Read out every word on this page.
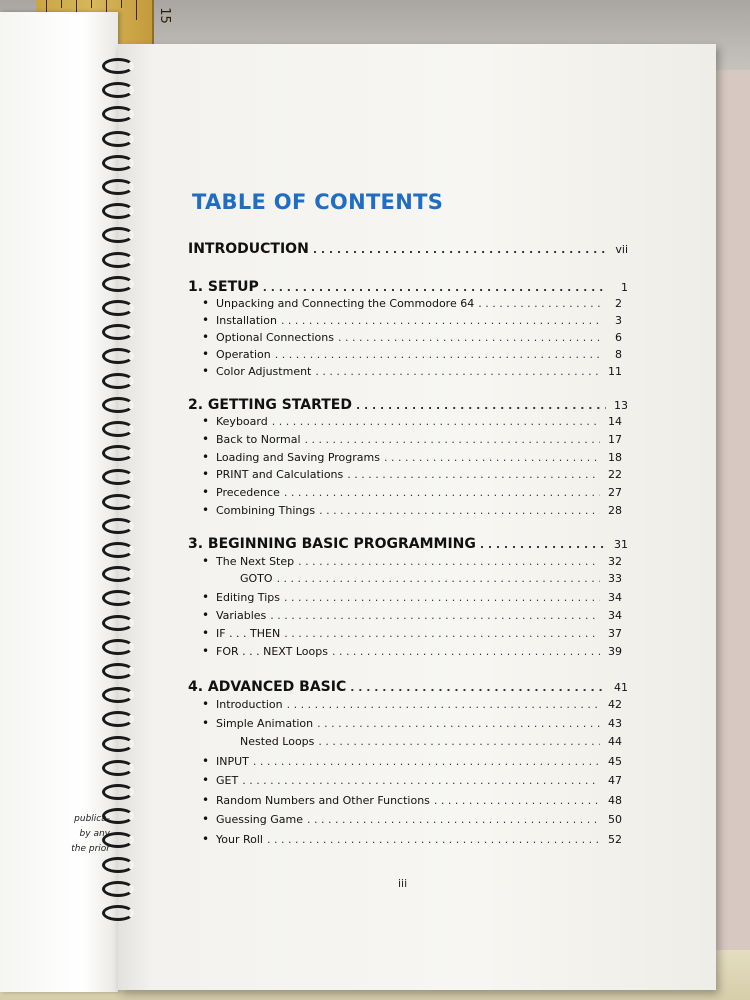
15
publica-
by any
the prior
TABLE OF CONTENTS
INTRODUCTION . . .	vii
1. SETUP . . .	1
• Unpacking and Connecting the Commodore 64 . . .	2
• Installation . . .	3
• Optional Connections . . .	6
• Operation . . .	8
• Color Adjustment . . .	11
2. GETTING STARTED . . .	13
• Keyboard . . .	14
• Back to Normal . . .	17
• Loading and Saving Programs . . .	18
• PRINT and Calculations . . .	22
• Precedence . . .	27
• Combining Things . . .	28
3. BEGINNING BASIC PROGRAMMING . . .	31
• The Next Step . . .	32
GOTO . . .	33
• Editing Tips . . .	34
• Variables . . .	34
• IF . . . THEN . . .	37
• FOR . . . NEXT Loops . . .	39
4. ADVANCED BASIC . . .	41
• Introduction . . .	42
• Simple Animation . . .	43
Nested Loops . . .	44
• INPUT . . .	45
• GET . . .	47
• Random Numbers and Other Functions . . .	48
• Guessing Game . . .	50
• Your Roll . . .	52
iii
